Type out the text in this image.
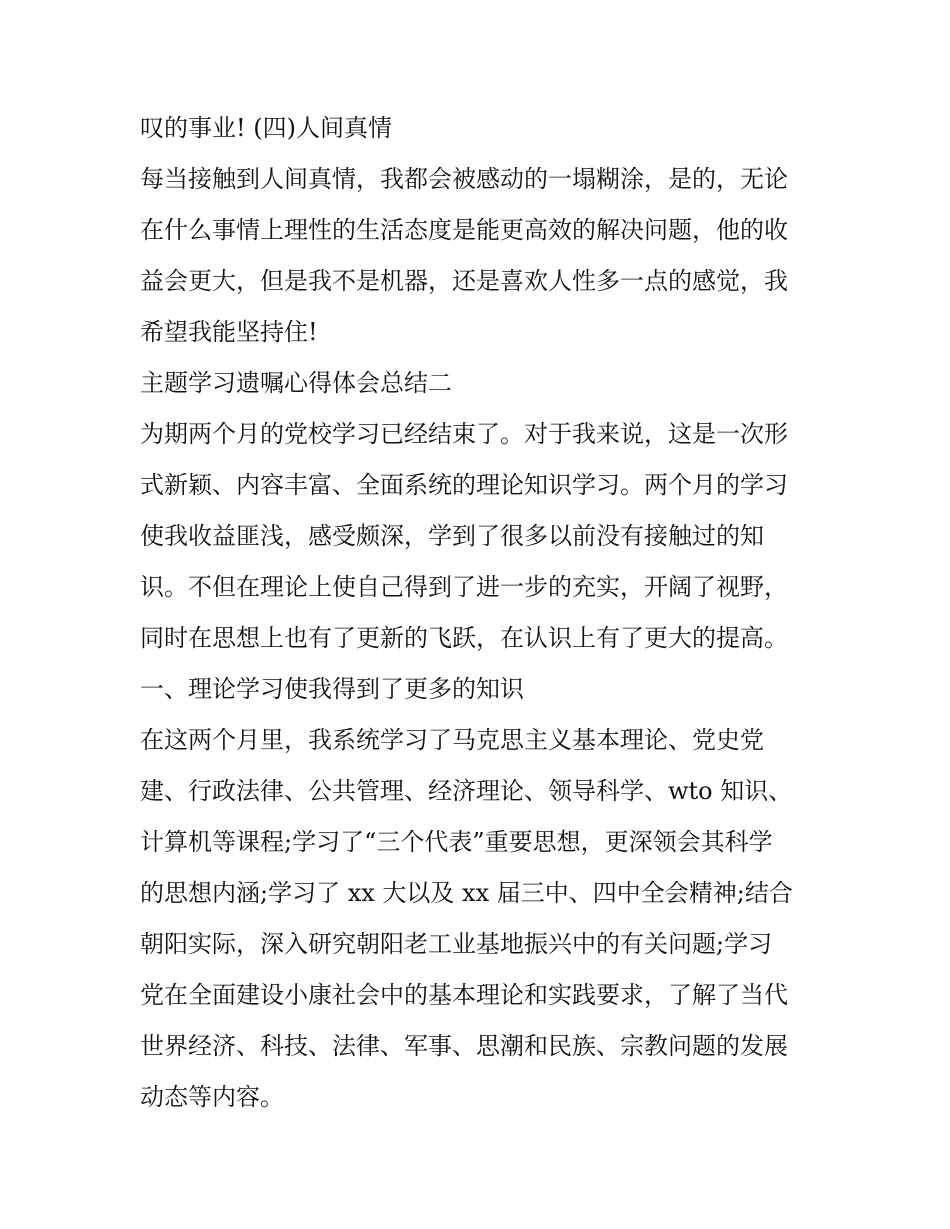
叹的事业! (四)人间真情
每当接触到人间真情，我都会被感动的一塌糊涂，是的，无论
在什么事情上理性的生活态度是能更高效的解决问题，他的收
益会更大，但是我不是机器，还是喜欢人性多一点的感觉，我
希望我能坚持住!
主题学习遗嘱心得体会总结二
为期两个月的党校学习已经结束了。对于我来说，这是一次形
式新颖、内容丰富、全面系统的理论知识学习。两个月的学习
使我收益匪浅，感受颇深，学到了很多以前没有接触过的知
识。不但在理论上使自己得到了进一步的充实，开阔了视野，
同时在思想上也有了更新的飞跃，在认识上有了更大的提高。
一、理论学习使我得到了更多的知识
在这两个月里，我系统学习了马克思主义基本理论、党史党
建、行政法律、公共管理、经济理论、领导科学、wto 知识、
计算机等课程;学习了“三个代表”重要思想，更深领会其科学
的思想内涵;学习了 xx 大以及 xx 届三中、四中全会精神;结合
朝阳实际，深入研究朝阳老工业基地振兴中的有关问题;学习
党在全面建设小康社会中的基本理论和实践要求，了解了当代
世界经济、科技、法律、军事、思潮和民族、宗教问题的发展
动态等内容。
